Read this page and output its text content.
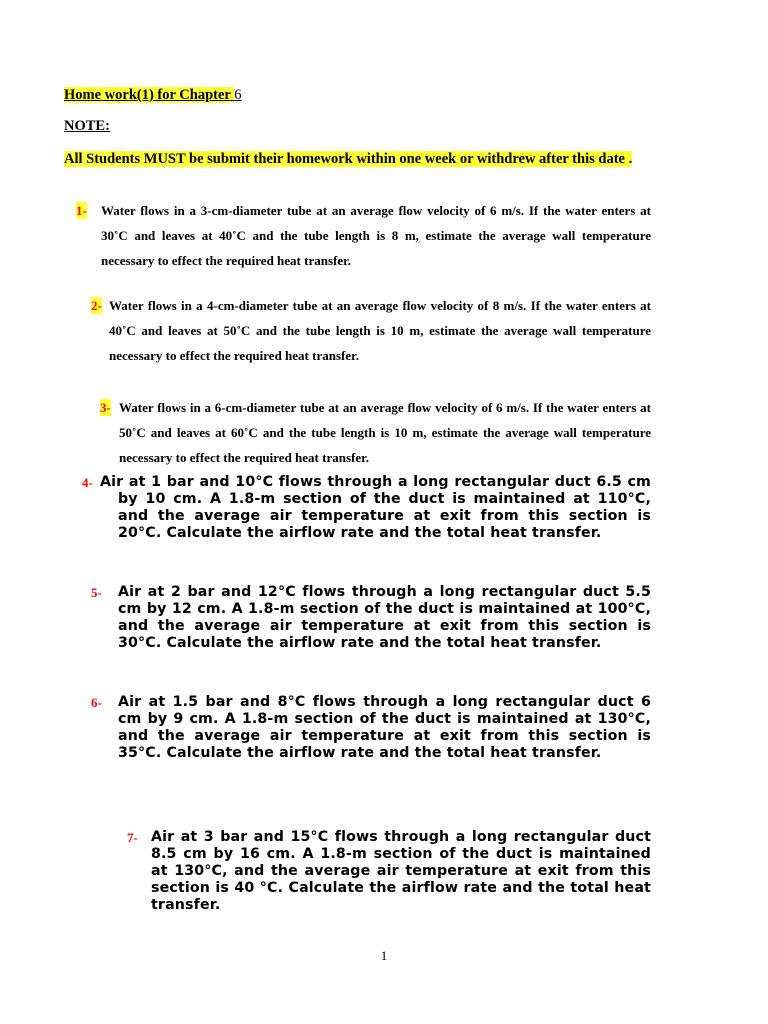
Home work(1) for Chapter 6
NOTE:
All Students MUST be submit their homework within one week or withdrew after this date .
1- Water flows in a 3-cm-diameter tube at an average flow velocity of 6 m/s. If the water enters at 30˚C and leaves at 40˚C and the tube length is 8 m, estimate the average wall temperature necessary to effect the required heat transfer.
2- Water flows in a 4-cm-diameter tube at an average flow velocity of 8 m/s. If the water enters at 40˚C and leaves at 50˚C and the tube length is 10 m, estimate the average wall temperature necessary to effect the required heat transfer.
3- Water flows in a 6-cm-diameter tube at an average flow velocity of 6 m/s. If the water enters at 50˚C and leaves at 60˚C and the tube length is 10 m, estimate the average wall temperature necessary to effect the required heat transfer.
4- Air at 1 bar and 10°C flows through a long rectangular duct 6.5 cm by 10 cm. A 1.8-m section of the duct is maintained at 110°C, and the average air temperature at exit from this section is 20°C. Calculate the airflow rate and the total heat transfer.
5- Air at 2 bar and 12°C flows through a long rectangular duct 5.5 cm by 12 cm. A 1.8-m section of the duct is maintained at 100°C, and the average air temperature at exit from this section is 30°C. Calculate the airflow rate and the total heat transfer.
6- Air at 1.5 bar and 8°C flows through a long rectangular duct 6 cm by 9 cm. A 1.8-m section of the duct is maintained at 130°C, and the average air temperature at exit from this section is 35°C. Calculate the airflow rate and the total heat transfer.
7- Air at 3 bar and 15°C flows through a long rectangular duct 8.5 cm by 16 cm. A 1.8-m section of the duct is maintained at 130°C, and the average air temperature at exit from this section is 40 °C. Calculate the airflow rate and the total heat transfer.
1
